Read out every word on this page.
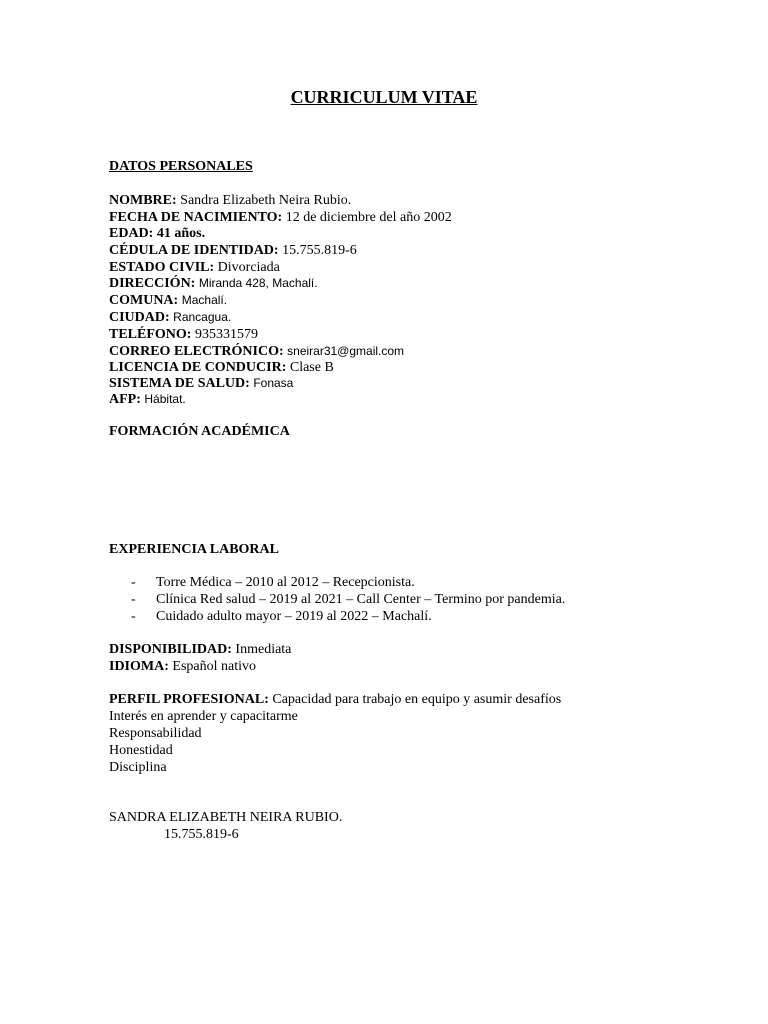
CURRICULUM VITAE
DATOS PERSONALES
NOMBRE: Sandra Elizabeth Neira Rubio.
FECHA DE NACIMIENTO: 12 de diciembre del año 2002
EDAD: 41 años.
CÉDULA DE IDENTIDAD: 15.755.819-6
ESTADO CIVIL: Divorciada
DIRECCIÓN: Miranda 428, Machalí.
COMUNA: Machalí.
CIUDAD: Rancagua.
TELÉFONO: 935331579
CORREO ELECTRÓNICO: sneirar31@gmail.com
LICENCIA DE CONDUCIR: Clase B
SISTEMA DE SALUD: Fonasa
AFP: Hábitat.
FORMACIÓN ACADÉMICA
EXPERIENCIA LABORAL
- Torre Médica – 2010 al 2012 – Recepcionista.
- Clínica Red salud – 2019 al 2021 – Call Center – Termino por pandemia.
- Cuidado adulto mayor – 2019 al 2022 – Machalí.
DISPONIBILIDAD: Inmediata
IDIOMA: Español nativo
PERFIL PROFESIONAL: Capacidad para trabajo en equipo y asumir desafíos
Interés en aprender y capacitarme
Responsabilidad
Honestidad
Disciplina
SANDRA ELIZABETH NEIRA RUBIO.
15.755.819-6
